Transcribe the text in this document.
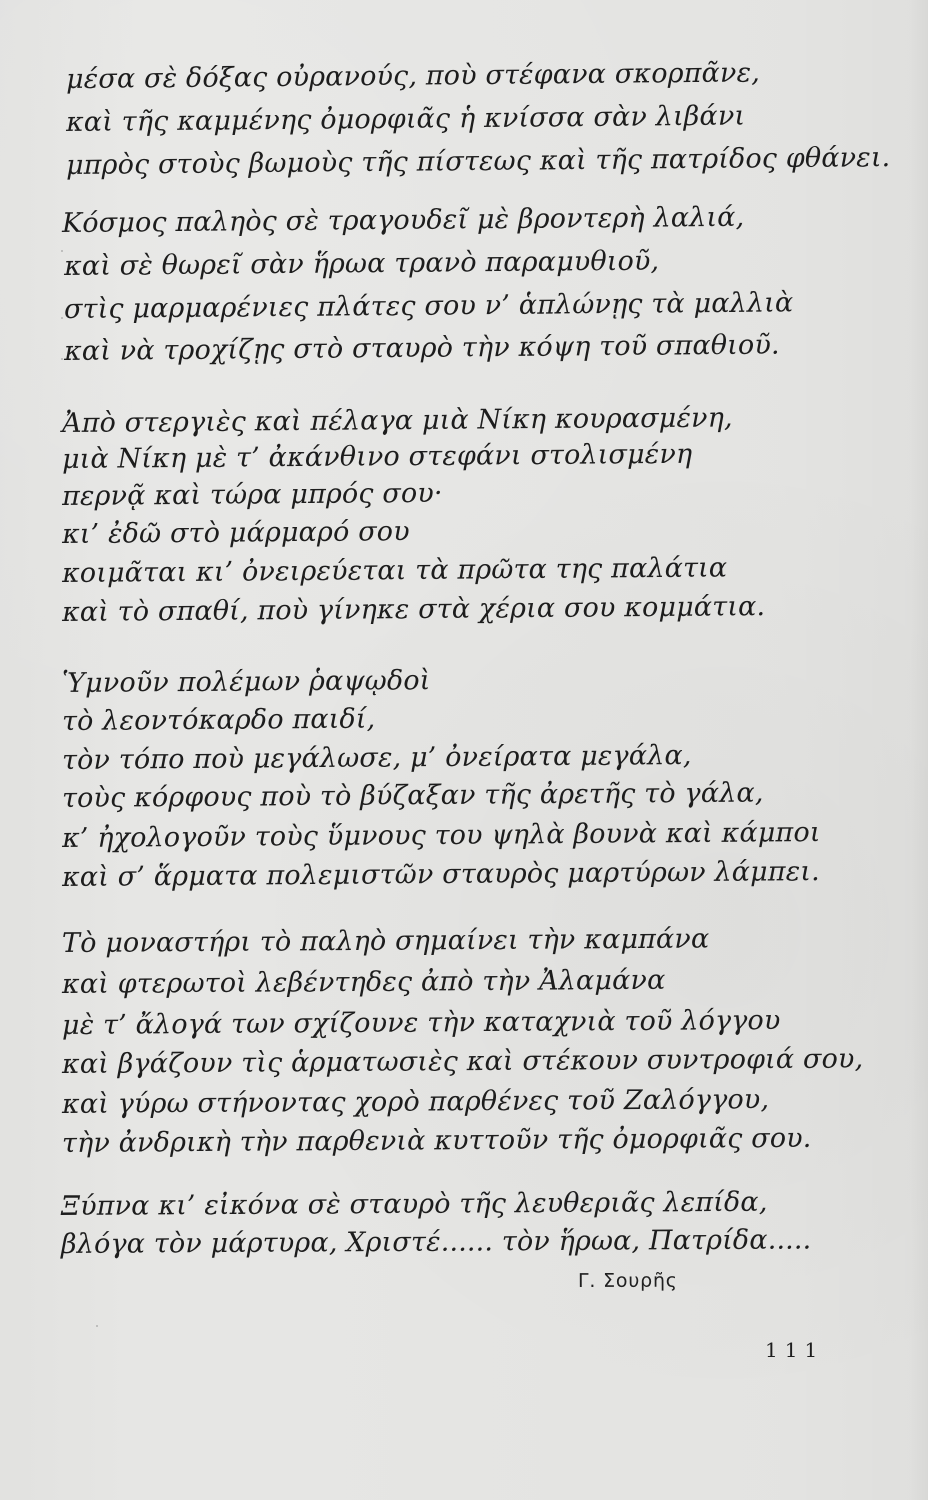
μέσα σὲ δόξας οὐρανούς, ποὺ στέφανα σκορπᾶνε,
καὶ τῆς καμμένης ὀμορφιᾶς ἡ κνίσσα σὰν λιβάνι
μπρὸς στοὺς βωμοὺς τῆς πίστεως καὶ τῆς πατρίδος φθάνει.
Κόσμος παληὸς σὲ τραγουδεῖ μὲ βροντερὴ λαλιά,
καὶ σὲ θωρεῖ σὰν ἥρωα τρανὸ παραμυθιοῦ,
στὶς μαρμαρένιες πλάτες σου ν’ ἁπλώνῃς τὰ μαλλιὰ
καὶ νὰ τροχίζῃς στὸ σταυρὸ τὴν κόψη τοῦ σπαθιοῦ.
Ἀπὸ στεργιὲς καὶ πέλαγα μιὰ Νίκη κουρασμένη,
μιὰ Νίκη μὲ τ’ ἀκάνθινο στεφάνι στολισμένη
περνᾷ καὶ τώρα μπρός σου·
κι’ ἐδῶ στὸ μάρμαρό σου
κοιμᾶται κι’ ὀνειρεύεται τὰ πρῶτα της παλάτια
καὶ τὸ σπαθί, ποὺ γίνηκε στὰ χέρια σου κομμάτια.
Ὑμνοῦν πολέμων ῥαψῳδοὶ
τὸ λεοντόκαρδο παιδί,
τὸν τόπο ποὺ μεγάλωσε, μ’ ὀνείρατα μεγάλα,
τοὺς κόρφους ποὺ τὸ βύζαξαν τῆς ἀρετῆς τὸ γάλα,
κ’ ἠχολογοῦν τοὺς ὕμνους του ψηλὰ βουνὰ καὶ κάμποι
καὶ σ’ ἅρματα πολεμιστῶν σταυρὸς μαρτύρων λάμπει.
Τὸ μοναστήρι τὸ παληὸ σημαίνει τὴν καμπάνα
καὶ φτερωτοὶ λεβέντηδες ἀπὸ τὴν Ἀλαμάνα
μὲ τ’ ἄλογά των σχίζουνε τὴν καταχνιὰ τοῦ λόγγου
καὶ βγάζουν τὶς ἁρματωσιὲς καὶ στέκουν συντροφιά σου,
καὶ γύρω στήνοντας χορὸ παρθένες τοῦ Ζαλόγγου,
τὴν ἀνδρικὴ τὴν παρθενιὰ κυττοῦν τῆς ὀμορφιᾶς σου.
Ξύπνα κι’ εἰκόνα σὲ σταυρὸ τῆς λευθεριᾶς λεπίδα,
βλόγα τὸν μάρτυρα, Χριστέ...... τὸν ἥρωα, Πατρίδα.....
Γ. Σουρῆς
111
